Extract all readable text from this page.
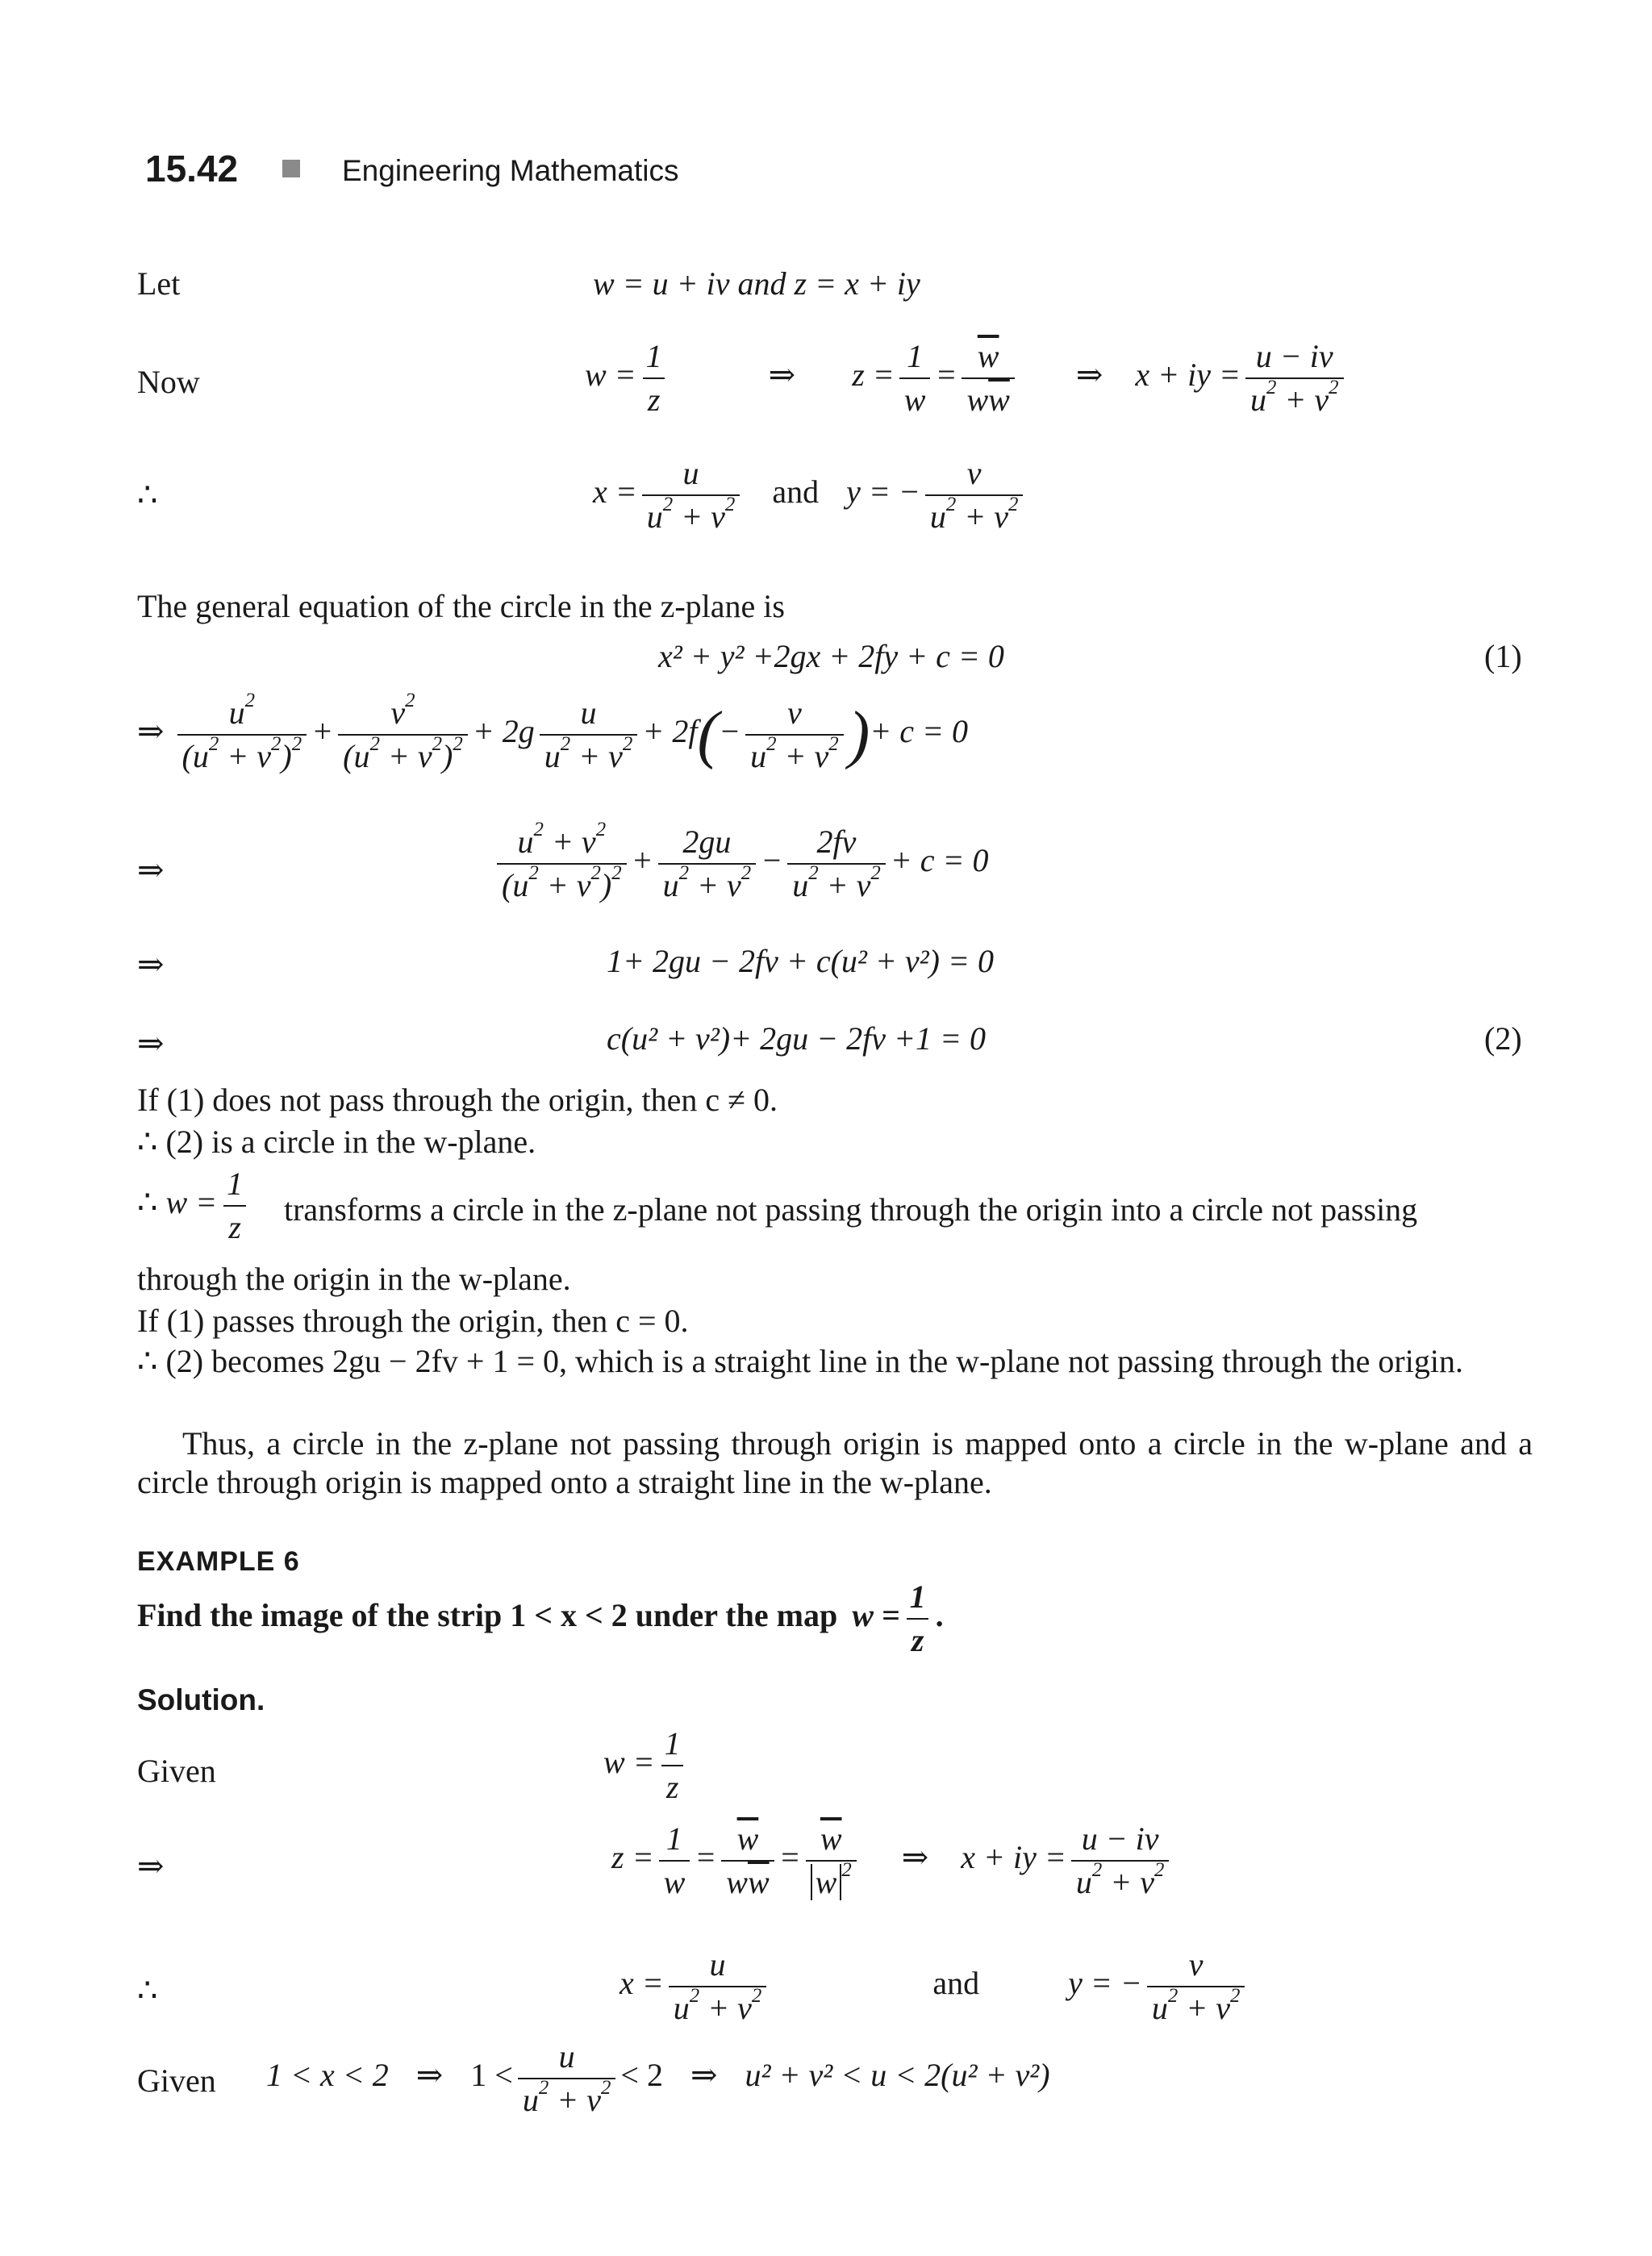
15.42	Engineering Mathematics
Let	w = u + iv and z = x + iy
Now	$w = \frac{1}{z}$	⇒ $z = \frac{1}{w} = \frac{\overline{w}}{w\overline{w}}$ ⇒ x + iy = $\frac{u - iv}{u^2 + v^2}$
∴	$x = \frac{u}{u^2 + v^2}$ and y = − $\frac{v}{u^2 + v^2}$
The general equation of the circle in the z-plane is
x² + y² +2gx + 2fy + c = 0	(1)
⇒ $\frac{u^2}{(u^2 + v^2)^2} + \frac{v^2}{(u^2 + v^2)^2} + 2g \frac{u}{u^2 + v^2} + 2f(- \frac{v}{u^2 + v^2}$ )+ c = 0
⇒	$\frac{u^2 + v^2}{(u^2 + v^2)^2} + \frac{2gu}{u^2 + v^2} - \frac{2fv}{u^2 + v^2} + c = 0$
⇒	1+ 2gu − 2fv + c(u² + v²) = 0
⇒	c(u² + v²)+ 2gu − 2fv +1 = 0	(2)
If (1) does not pass through the origin, then c ≠ 0.
∴ (2) is a circle in the w-plane.
∴ $w = \frac{1}{z}$ transforms a circle in the z-plane not passing through the origin into a circle not passing
through the origin in the w-plane.
If (1) passes through the origin, then c = 0.
∴ (2) becomes 2gu − 2fv + 1 = 0, which is a straight line in the w-plane not passing through the origin.
Thus, a circle in the z-plane not passing through origin is mapped onto a circle in the w-plane and a circle through origin is mapped onto a straight line in the w-plane.
EXAMPLE 6
Find the image of the strip 1 < x < 2 under the map $w = \frac{1}{z}$ .
Solution.
Given	$w = \frac{1}{z}$
⇒	$z = \frac{1}{w} = \frac{\overline{w}}{w\overline{w}} = \frac{\overline{w}}{w ^2}$ ⇒ x + iy = $\frac{u - iv}{u^2 + v^2}$
∴	$x = \frac{u}{u^2 + v^2}$	and	y = − $\frac{v}{u^2 + v^2}$
Given 1 < x < 2 ⇒ $1 < \frac{u}{u^2 + v^2} < 2$ ⇒ u² + v² < u < 2(u² + v²)
